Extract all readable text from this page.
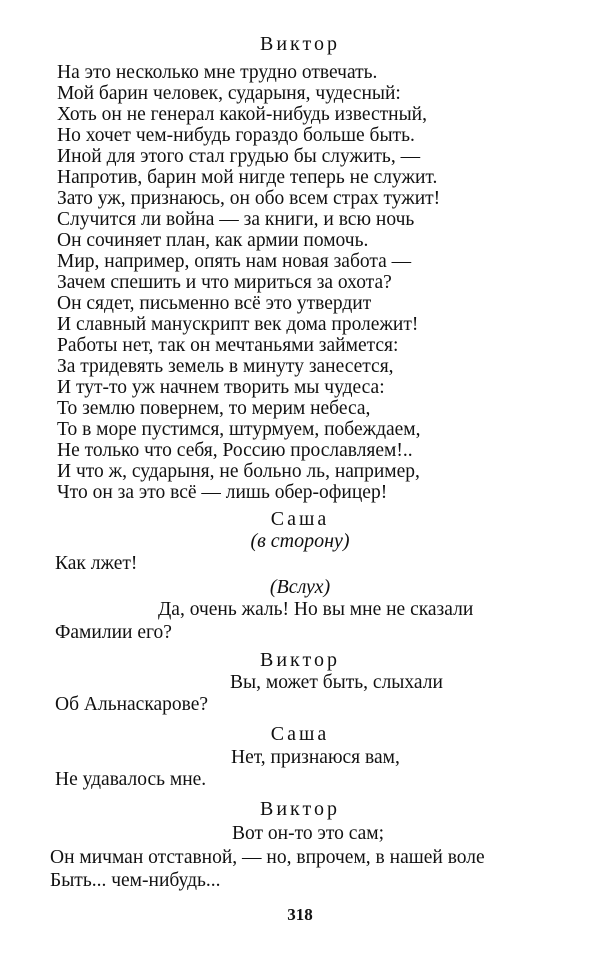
Виктор
На это несколько мне трудно отвечать.
Мой барин человек, сударыня, чудесный:
Хоть он не генерал какой-нибудь известный,
Но хочет чем-нибудь гораздо больше быть.
Иной для этого стал грудью бы служить, —
Напротив, барин мой нигде теперь не служит.
Зато уж, признаюсь, он обо всем страх тужит!
Случится ли война — за книги, и всю ночь
Он сочиняет план, как армии помочь.
Мир, например, опять нам новая забота —
Зачем спешить и что мириться за охота?
Он сядет, письменно всё это утвердит
И славный манускрипт век дома пролежит!
Работы нет, так он мечтаньями займется:
За тридевять земель в минуту занесется,
И тут-то уж начнем творить мы чудеса:
То землю повернем, то мерим небеса,
То в море пустимся, штурмуем, побеждаем,
Не только что себя, Россию прославляем!..
И что ж, сударыня, не больно ль, например,
Что он за это всё — лишь обер-офицер!
Саша
(в сторону)
Как лжет!
(Вслух)
Да, очень жаль! Но вы мне не сказали
Фамилии его?
Виктор
Вы, может быть, слыхали
Об Альнаскарове?
Саша
Нет, признаюся вам,
Не удавалось мне.
Виктор
Вот он-то это сам;
Он мичман отставной, — но, впрочем, в нашей воле
Быть... чем-нибудь...
318
